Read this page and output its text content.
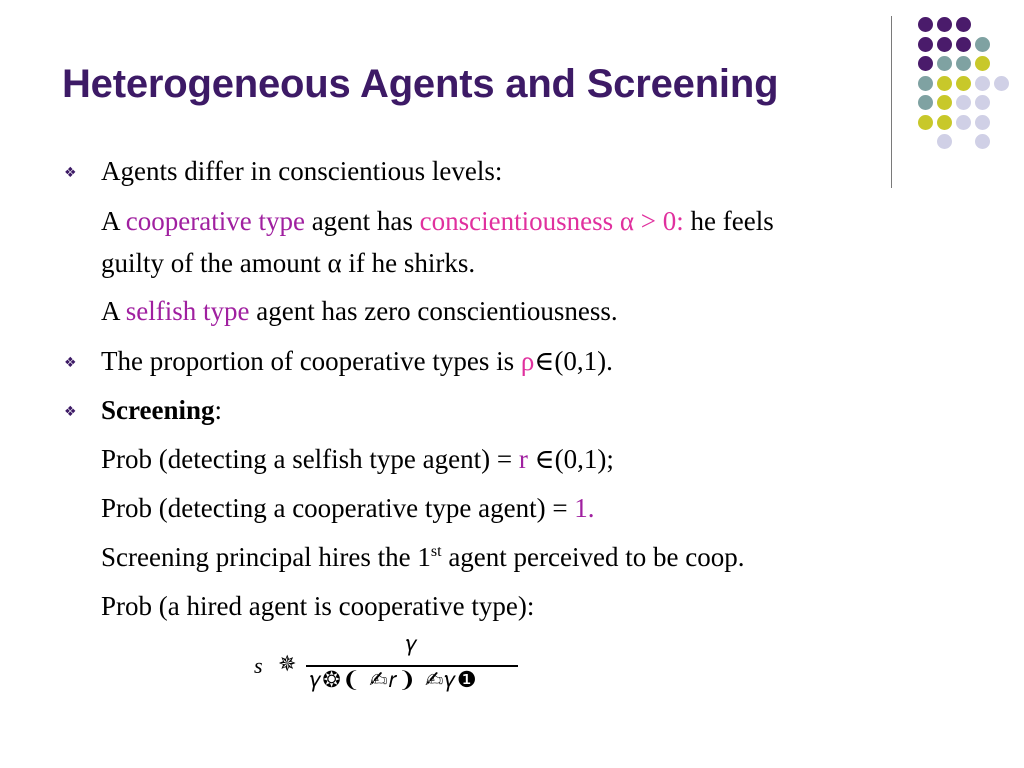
Heterogeneous Agents and Screening
❖ Agents differ in conscientious levels:
A cooperative type agent has conscientiousness α > 0: he feels
guilty of the amount α if he shirks.
A selfish type agent has zero conscientiousness.
❖ The proportion of cooperative types is ρ∈(0,1).
❖ Screening:
Prob (detecting a selfish type agent) = r ∈(0,1);
Prob (detecting a cooperative type agent) = 1.
Screening principal hires the 1st agent perceived to be coop.
Prob (a hired agent is cooperative type):
s ✵
𝛾
𝛾❂❨ ✍𝑟❩ ✍𝛾❶
